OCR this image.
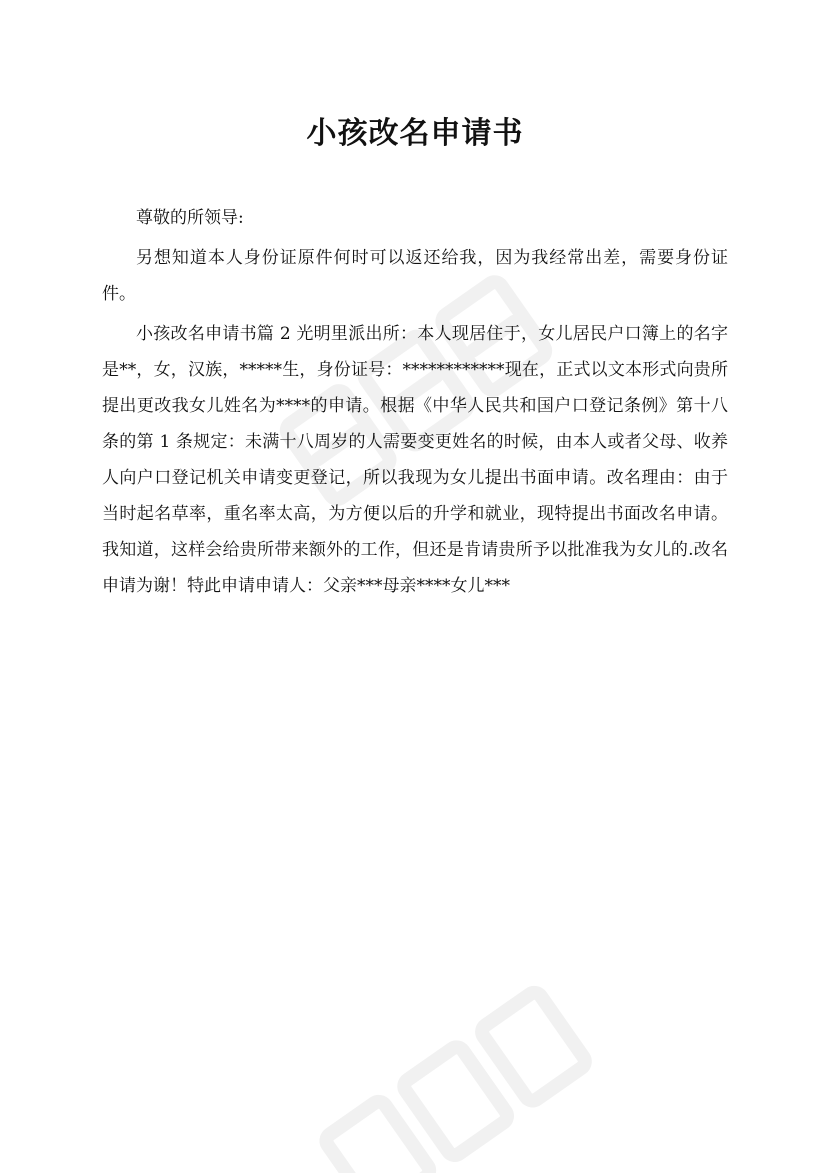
小孩改名申请书

尊敬的所领导:

另想知道本人身份证原件何时可以返还给我，因为我经常出差，需要身份证件。

小孩改名申请书篇 2 光明里派出所：本人现居住于，女儿居民户口簿上的名字是**，女，汉族，*****生，身份证号：************现在，正式以文本形式向贵所提出更改我女儿姓名为****的申请。根据《中华人民共和国户口登记条例》第十八条的第 1 条规定：未满十八周岁的人需要变更姓名的时候，由本人或者父母、收养人向户口登记机关申请变更登记，所以我现为女儿提出书面申请。改名理由：由于当时起名草率，重名率太高，为方便以后的升学和就业，现特提出书面改名申请。我知道，这样会给贵所带来额外的工作，但还是肯请贵所予以批准我为女儿的.改名申请为谢！特此申请申请人：父亲***母亲****女儿***
